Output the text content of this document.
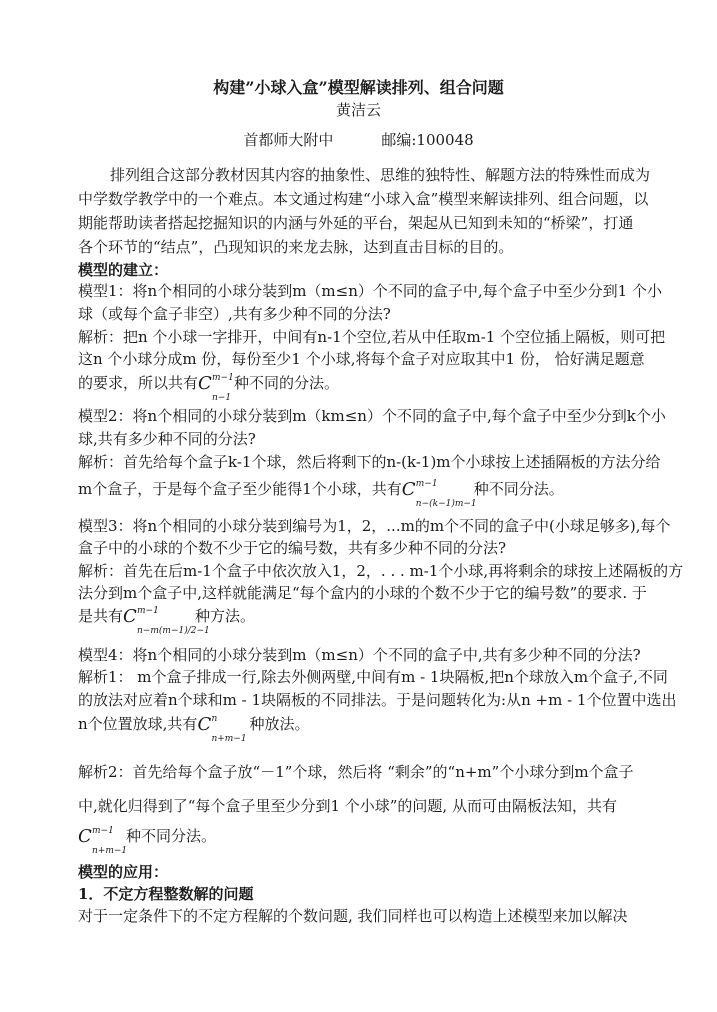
构建”小球入盒”模型解读排列、组合问题
黄洁云
首都师大附中	邮编:100048
排列组合这部分教材因其内容的抽象性、思维的独特性、解题方法的特殊性而成为
中学数学教学中的一个难点。本文通过构建“小球入盒”模型来解读排列、组合问题，以
期能帮助读者搭起挖掘知识的内涵与外延的平台，架起从已知到未知的“桥梁”，打通
各个环节的“结点”，凸现知识的来龙去脉，达到直击目标的目的。
模型的建立：
模型1：将n个相同的小球分装到m（m≤n）个不同的盒子中,每个盒子中至少分到1 个小
球（或每个盒子非空）,共有多少种不同的分法?
解析：把n 个小球一字排开，中间有n-1个空位,若从中任取m-1 个空位插上隔板，则可把
这n 个小球分成m 份，每份至少1 个小球,将每个盒子对应取其中1 份， 恰好满足题意
的要求，所以共有C m−1
n−1
种不同的分法。
模型2：将n个相同的小球分装到m（km≤n）个不同的盒子中,每个盒子中至少分到k个小
球,共有多少种不同的分法?
解析：首先给每个盒子k-1个球，然后将剩下的n-(k-1)m个小球按上述插隔板的方法分给
m个盒子，于是每个盒子至少能得1个小球，共有C m−1
n−(k−1)m−1
种不同分法。
模型3：将n个相同的小球分装到编号为1，2，...m的m个不同的盒子中(小球足够多),每个
盒子中的小球的个数不少于它的编号数，共有多少种不同的分法?
解析：首先在后m-1个盒子中依次放入1，2，. . . m-1个小球,再将剩余的球按上述隔板的方
法分到m个盒子中,这样就能满足“每个盒内的小球的个数不少于它的编号数”的要求. 于
是共有C m−1
n−m(m−1)/2−1
种方法。
模型4：将n个相同的小球分装到m（m≤n）个不同的盒子中,共有多少种不同的分法?
解析1： m个盒子排成一行,除去外侧两壁,中间有m - 1块隔板,把n个球放入m个盒子,不同
的放法对应着n个球和m - 1块隔板的不同排法。于是问题转化为:从n +m - 1个位置中选出
n个位置放球,共有C n
n+m−1
种放法。
解析2：首先给每个盒子放“－1”个球，然后将 “剩余”的“n+m”个小球分到m个盒子
中,就化归得到了“每个盒子里至少分到1 个小球”的问题, 从而可由隔板法知，共有
C m−1
n+m−1
种不同分法。
模型的应用：
1．不定方程整数解的问题
对于一定条件下的不定方程解的个数问题, 我们同样也可以构造上述模型来加以解决
